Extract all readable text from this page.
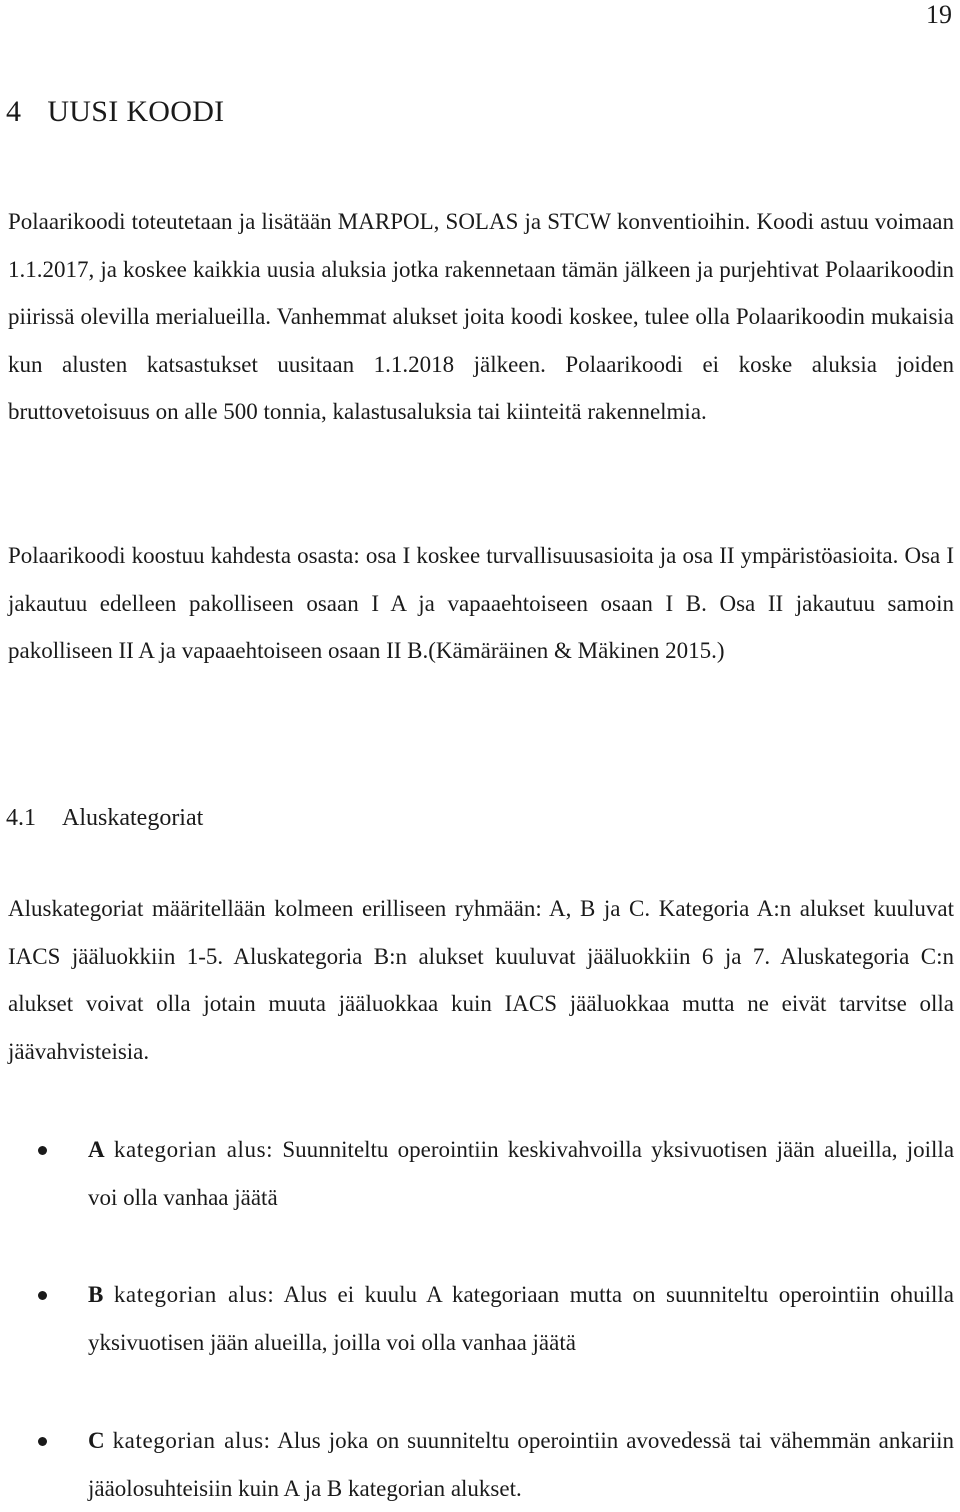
19
4 UUSI KOODI

Polaarikoodi toteutetaan ja lisätään MARPOL, SOLAS ja STCW konventioihin. Koodi astuu voimaan 1.1.2017, ja koskee kaikkia uusia aluksia jotka rakennetaan tämän jälkeen ja purjehtivat Polaarikoodin piirissä olevilla merialueilla. Vanhemmat alukset joita koodi koskee, tulee olla Polaarikoodin mukaisia kun alusten katsastukset uusitaan 1.1.2018 jälkeen. Polaarikoodi ei koske aluksia joiden bruttovetoisuus on alle 500 tonnia, kalastusaluksia tai kiinteitä rakennelmia.

Polaarikoodi koostuu kahdesta osasta: osa I koskee turvallisuusasioita ja osa II ympäristöasioita. Osa I jakautuu edelleen pakolliseen osaan I A ja vapaaehtoiseen osaan I B. Osa II jakautuu samoin pakolliseen II A ja vapaaehtoiseen osaan II B.(Kämäräinen & Mäkinen 2015.)

4.1 Aluskategoriat

Aluskategoriat määritellään kolmeen erilliseen ryhmään: A, B ja C. Kategoria A:n alukset kuuluvat IACS jääluokkiin 1-5. Aluskategoria B:n alukset kuuluvat jääluokkiin 6 ja 7. Aluskategoria C:n alukset voivat olla jotain muuta jääluokkaa kuin IACS jääluokkaa mutta ne eivät tarvitse olla jäävahvisteisia.

A kategorian alus: Suunniteltu operointiin keskivahvoilla yksivuotisen jään alueilla, joilla voi olla vanhaa jäätä

B kategorian alus: Alus ei kuulu A kategoriaan mutta on suunniteltu operointiin ohuilla yksivuotisen jään alueilla, joilla voi olla vanhaa jäätä

C kategorian alus: Alus joka on suunniteltu operointiin avovedessä tai vähemmän ankariin jääolosuhteisiin kuin A ja B kategorian alukset.
